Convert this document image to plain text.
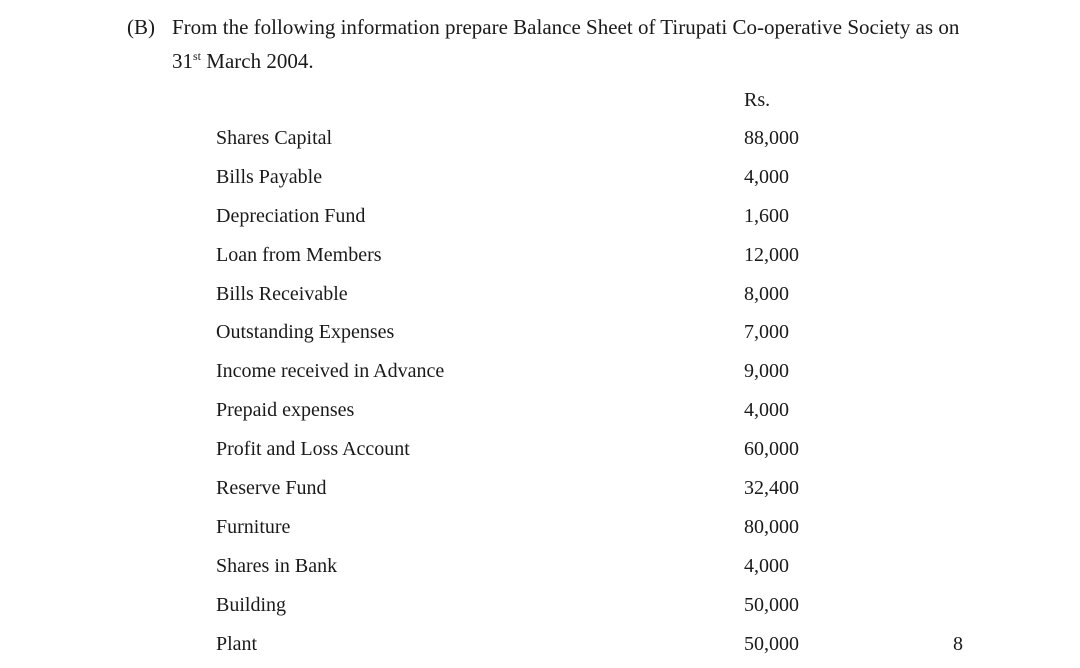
(B) From the following information prepare Balance Sheet of Tirupati Co-operative Society as on
31st March 2004.
Rs.
Shares Capital	88,000
Bills Payable	4,000
Depreciation Fund	1,600
Loan from Members	12,000
Bills Receivable	8,000
Outstanding Expenses	7,000
Income received in Advance	9,000
Prepaid expenses	4,000
Profit and Loss Account	60,000
Reserve Fund	32,400
Furniture	80,000
Shares in Bank	4,000
Building	50,000
Plant	50,000	8
